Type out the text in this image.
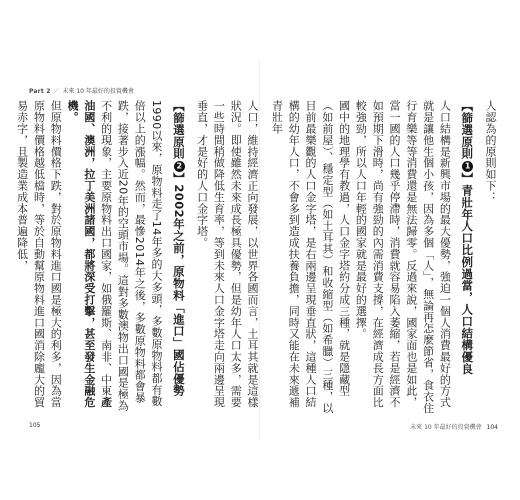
Part 2 ／ 未來 10 年最好的投資機會
人口，維持經濟正向發展，以世界各國而言，土耳其就是這樣狀況。即使雖然未來成長極具優勢，但是幼年人口太多，需要一些時間稍做降低生育率，等到未來人口金字塔走向兩邊呈現垂直，才是好的人口金字塔。
【篩選原則2】2002年之前，原物料「進口」國佔優勢
1990以來，原物料走了14年多的大多頭，多數原物料都有數倍以上的漲幅。然而，最慘2014年之後，多數原物料都會暴跌，接著步入近20年的空頭市場。這對多數澳物出口國是極為不利的現象，主要原物料出口國家，如俄羅斯、南非、中東產油國、澳洲，拉丁美洲諸國，都將深受打擊，甚至發生金融危機。
但原物料價格下跌，對於原物料進口國是極大的利多，因為當原物料價格越低檔時，等於自動幫原物料進口國消除龐大的貿易赤字，且製造業成本普遍降低，
105
人認為的原則如下：
【篩選原則1】青壯年人口比例過當，人口結構優良
人口結構是新興市場的最大優勢，強迫一個人消費最好的方式就是讓他生個小孩，因為多個「人」，無論再怎麼節省，食衣住行育樂等等消費還是無法歸零。反過來說，國家面也是如此，當一國的人口幾乎停滯時，消費就容易陷入萎縮，若是經濟不如預期下滑時，尚有強勁的內需消費支撐，在經濟成長方面比較強勁，所以人口年輕的國家就是最好的選擇。
國中的地理學有教過，人口金字塔約分成三種，就是隱藏型（如前屋）、穩定型（如土耳其）和收縮型（如希臘）三種，以目前最樂觀的人口金字塔，是右兩邊呈現垂直狀，這種人口結構的幼年人口，不會多到造成扶養負擔，同時又能在未來遞補青壯年
未來 10 年最好的投資機會 104
